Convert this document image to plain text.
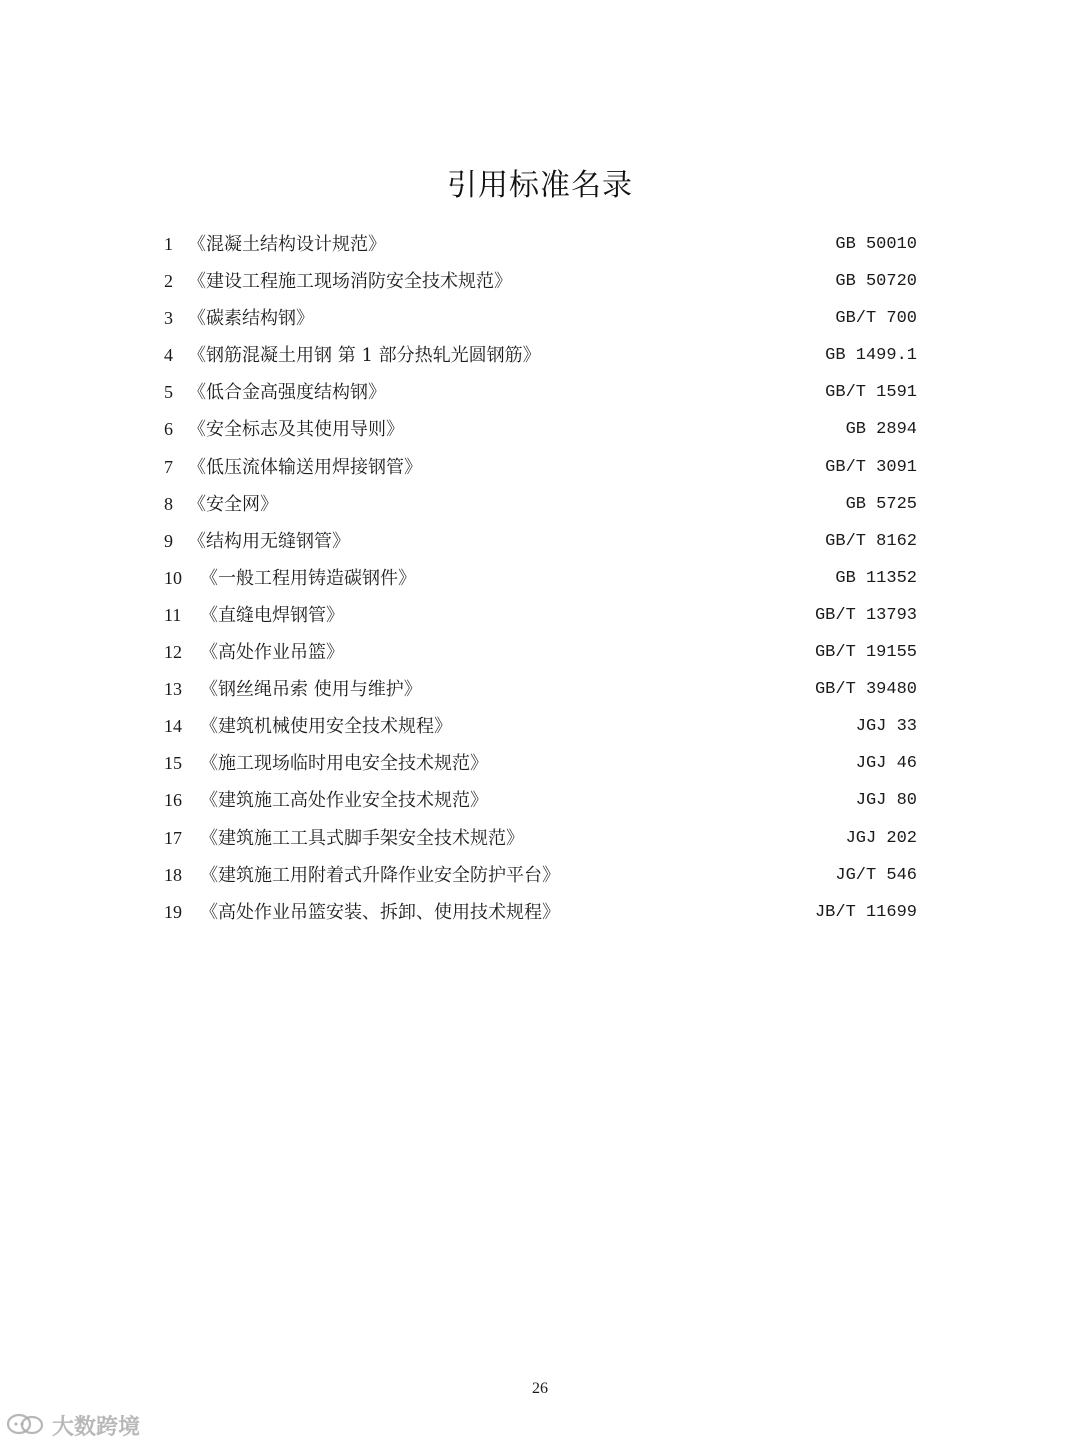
引用标准名录
1 《混凝土结构设计规范》	GB 50010
2 《建设工程施工现场消防安全技术规范》	GB 50720
3 《碳素结构钢》	GB/T 700
4 《钢筋混凝土用钢 第 1 部分热轧光圆钢筋》	GB 1499.1
5 《低合金高强度结构钢》	GB/T 1591
6 《安全标志及其使用导则》	GB 2894
7 《低压流体输送用焊接钢管》	GB/T 3091
8 《安全网》	GB 5725
9 《结构用无缝钢管》	GB/T 8162
10 《一般工程用铸造碳钢件》	GB 11352
11 《直缝电焊钢管》	GB/T 13793
12 《高处作业吊篮》	GB/T 19155
13 《钢丝绳吊索 使用与维护》	GB/T 39480
14 《建筑机械使用安全技术规程》	JGJ 33
15 《施工现场临时用电安全技术规范》	JGJ 46
16 《建筑施工高处作业安全技术规范》	JGJ 80
17 《建筑施工工具式脚手架安全技术规范》	JGJ 202
18 《建筑施工用附着式升降作业安全防护平台》	JG/T 546
19 《高处作业吊篮安装、拆卸、使用技术规程》	JB/T 11699
26
大数跨境
